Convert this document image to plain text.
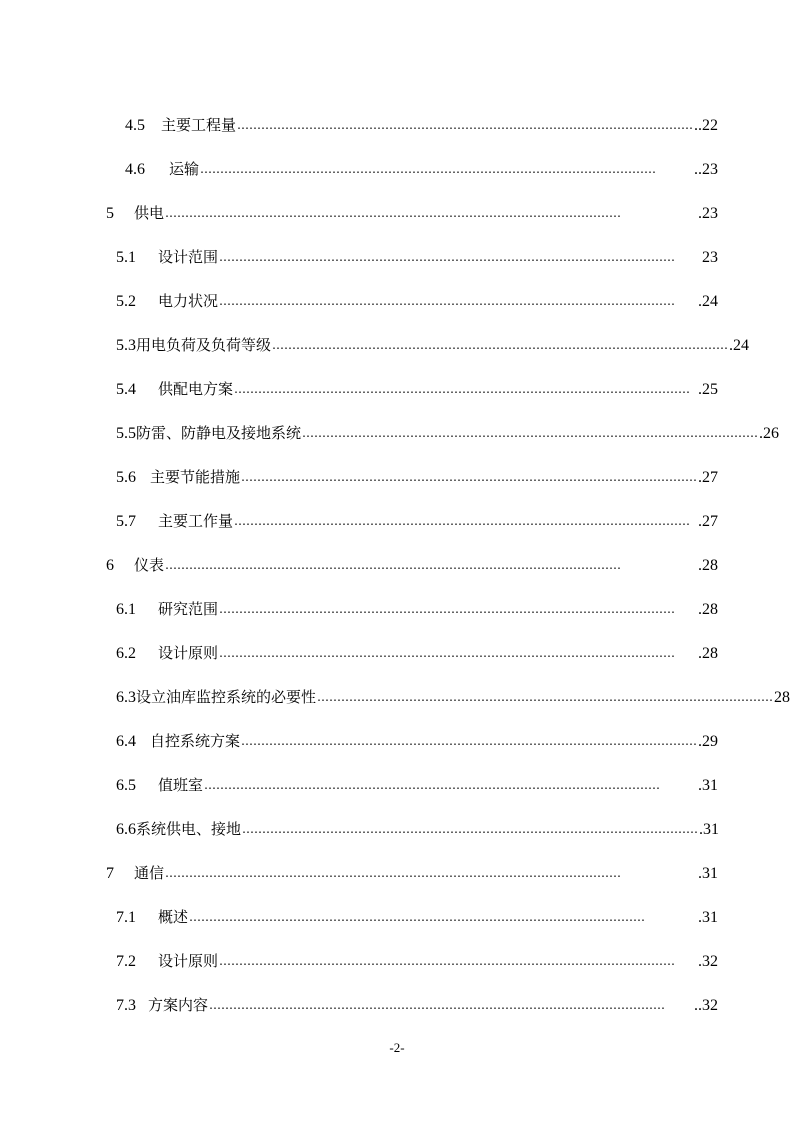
4.5	主要工程量 …………………………………………………………………………………………………… ..22
4.6	运输 ……………………………………………………………………………………………………	..23
5	供电 ……………………………………………………………………………………………………	.23
5.1	设计范围 ……………………………………………………………………………………………………	23
5.2	电力状况 ……………………………………………………………………………………………………	.24
5.3 用电负荷及负荷等级 …………………………………………………………………………………………………… .24
5.4	供配电方案 …………………………………………………………………………………………………… .25
5.5 防雷、防静电及接地系统 …………………………………………………………………………………………………… .26
5.6 主要节能措施 …………………………………………………………………………………………………… .27
5.7	主要工作量 …………………………………………………………………………………………………… .27
6	仪表 ……………………………………………………………………………………………………	.28
6.1	研究范围 ……………………………………………………………………………………………………	.28
6.2	设计原则 ……………………………………………………………………………………………………	.28
6.3 设立油库监控系统的必要性 …………………………………………………………………………………………………… 28
6.4 自控系统方案 …………………………………………………………………………………………………… .29
6.5	值班室 ……………………………………………………………………………………………………	.31
6.6 系统供电、接地 …………………………………………………………………………………………………… .31
7	通信 ……………………………………………………………………………………………………	.31
7.1	概述 ……………………………………………………………………………………………………	.31
7.2	设计原则 ……………………………………………………………………………………………………	.32
7.3 方案内容 ……………………………………………………………………………………………………	..32
-2-
